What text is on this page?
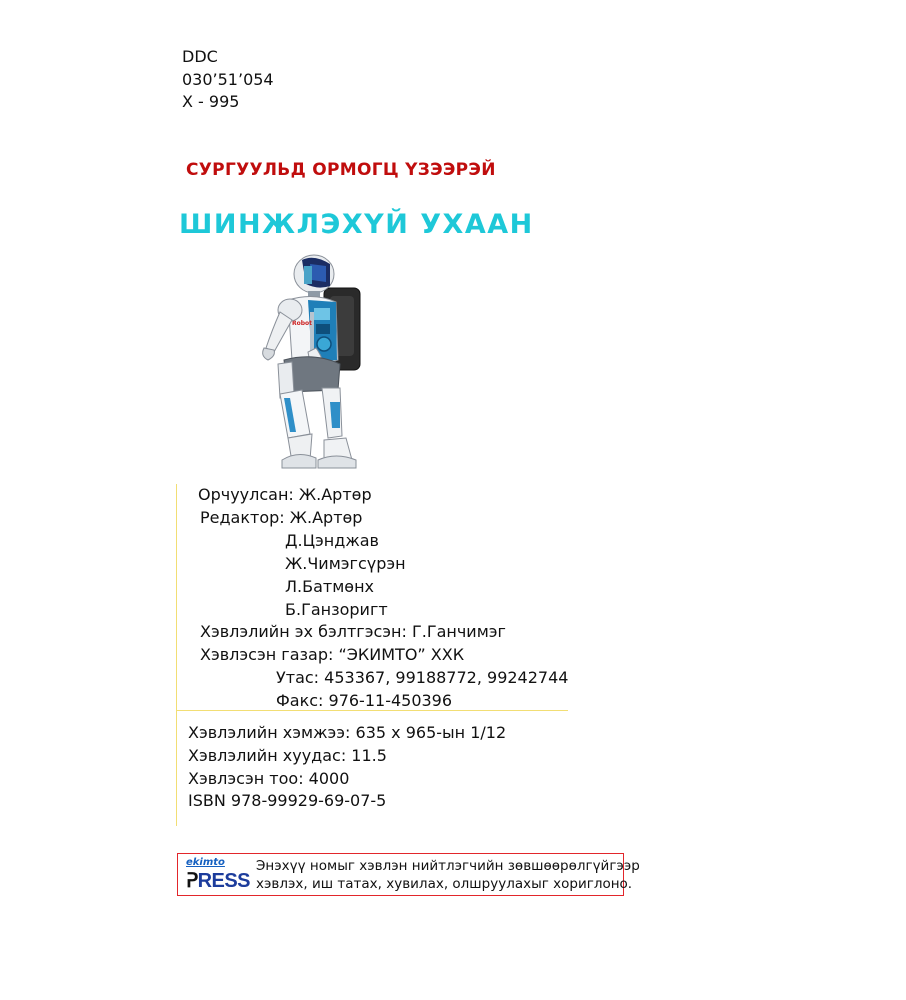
DDC
030’51’054
Х - 995
СУРГУУЛЬД ОРМОГЦ ҮЗЭЭРЭЙ
ШИНЖЛЭХҮЙ УХААН
Robot

Орчуулсан: Ж.Артөр

Редактор: Ж.Артөр

Д.Цэнджав

Ж.Чимэгсүрэн

Л.Батмөнх

Б.Ганзоригт

Хэвлэлийн эх бэлтгэсэн: Г.Ганчимэг

Хэвлэсэн газар: “ЭКИМТО” ХХК

Утас: 453367, 99188772, 99242744

Факс: 976-11-450396

Хэвлэлийн хэмжээ: 635 х 965-ын 1/12
Хэвлэлийн хуудас: 11.5
Хэвлэсэн тоо: 4000
ISBN 978-99929-69-07-5
ekimto
ᕈRESS
Энэхүү номыг хэвлэн нийтлэгчийн зөвшөөрөлгүйгээр
хэвлэх, иш татах, хувилах, олшруулахыг хориглоно.
